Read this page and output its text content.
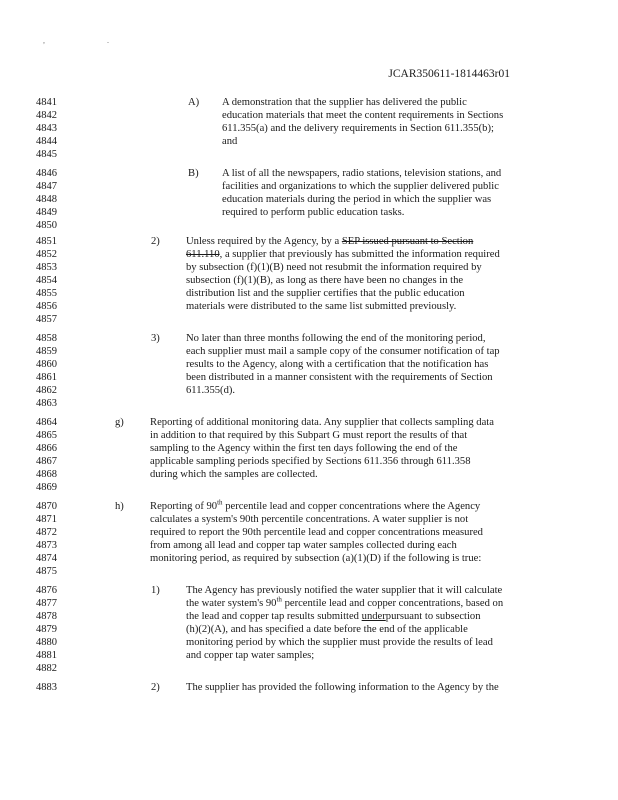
, .
JCAR350611-1814463r01
4841	A) A demonstration that the supplier has delivered the public
4842	education materials that meet the content requirements in Sections
4843	611.355(a) and the delivery requirements in Section 611.355(b);
4844	and
4845
4846	B) A list of all the newspapers, radio stations, television stations, and
4847	facilities and organizations to which the supplier delivered public
4848	education materials during the period in which the supplier was
4849	required to perform public education tasks.
4850
4851	2) Unless required by the Agency, by a SEP issued pursuant to Section
4852	611.110, a supplier that previously has submitted the information required
4853	by subsection (f)(1)(B) need not resubmit the information required by
4854	subsection (f)(1)(B), as long as there have been no changes in the
4855	distribution list and the supplier certifies that the public education
4856	materials were distributed to the same list submitted previously.
4857
4858	3) No later than three months following the end of the monitoring period,
4859	each supplier must mail a sample copy of the consumer notification of tap
4860	results to the Agency, along with a certification that the notification has
4861	been distributed in a manner consistent with the requirements of Section
4862	611.355(d).
4863
4864	g) Reporting of additional monitoring data. Any supplier that collects sampling data
4865	in addition to that required by this Subpart G must report the results of that
4866	sampling to the Agency within the first ten days following the end of the
4867	applicable sampling periods specified by Sections 611.356 through 611.358
4868	during which the samples are collected.
4869
4870	h) Reporting of 90th percentile lead and copper concentrations where the Agency
4871	calculates a system's 90th percentile concentrations. A water supplier is not
4872	required to report the 90th percentile lead and copper concentrations measured
4873	from among all lead and copper tap water samples collected during each
4874	monitoring period, as required by subsection (a)(1)(D) if the following is true:
4875
4876	1) The Agency has previously notified the water supplier that it will calculate
4877	the water system's 90th percentile lead and copper concentrations, based on
4878	the lead and copper tap results submitted underpursuant to subsection
4879	(h)(2)(A), and has specified a date before the end of the applicable
4880	monitoring period by which the supplier must provide the results of lead
4881	and copper tap water samples;
4882
4883	2) The supplier has provided the following information to the Agency by the
